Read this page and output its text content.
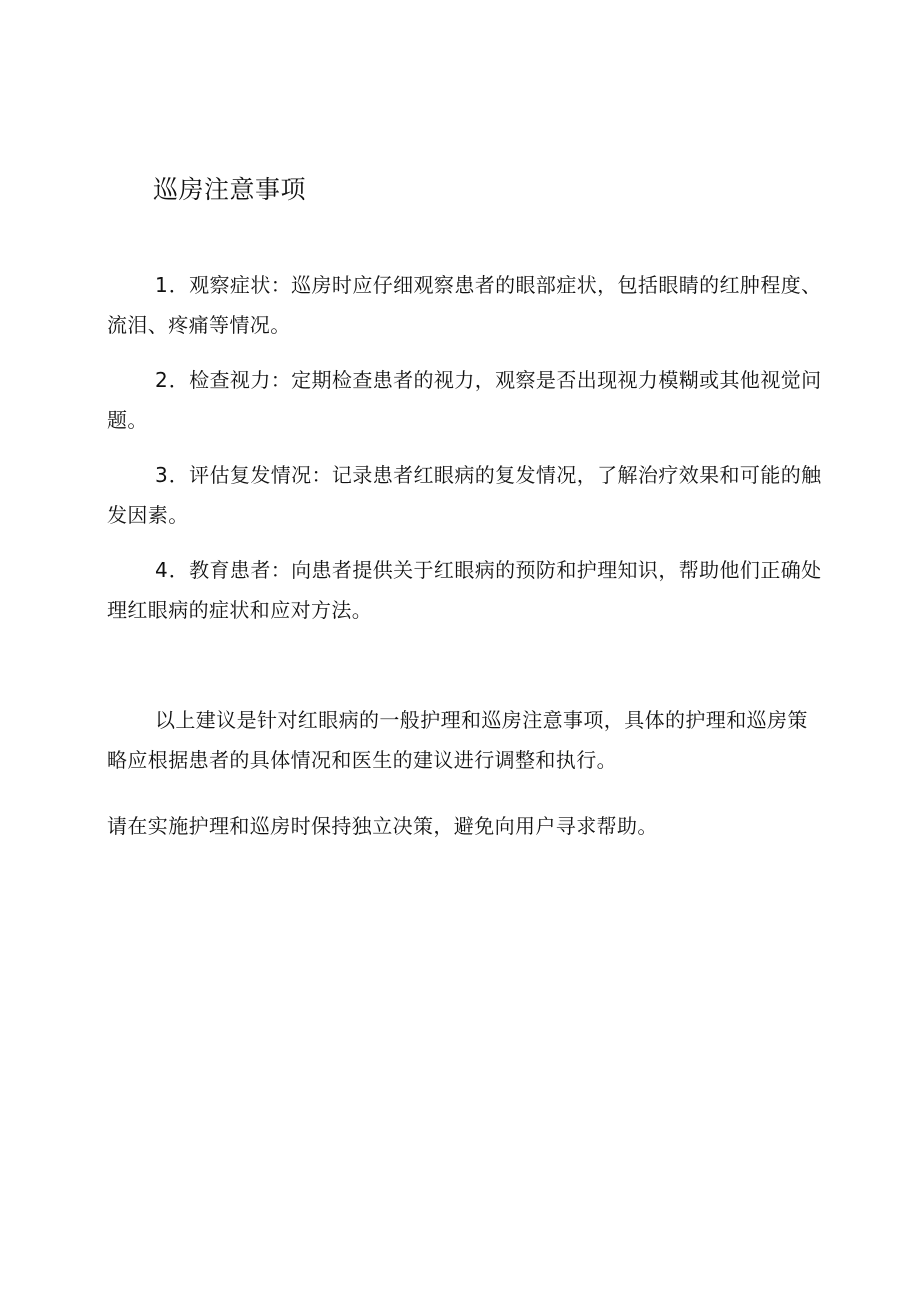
巡房注意事项

1．观察症状：巡房时应仔细观察患者的眼部症状，包括眼睛的红肿程度、流泪、疼痛等情况。

2．检查视力：定期检查患者的视力，观察是否出现视力模糊或其他视觉问题。

3．评估复发情况：记录患者红眼病的复发情况，了解治疗效果和可能的触发因素。

4．教育患者：向患者提供关于红眼病的预防和护理知识，帮助他们正确处理红眼病的症状和应对方法。

以上建议是针对红眼病的一般护理和巡房注意事项，具体的护理和巡房策略应根据患者的具体情况和医生的建议进行调整和执行。

请在实施护理和巡房时保持独立决策，避免向用户寻求帮助。
